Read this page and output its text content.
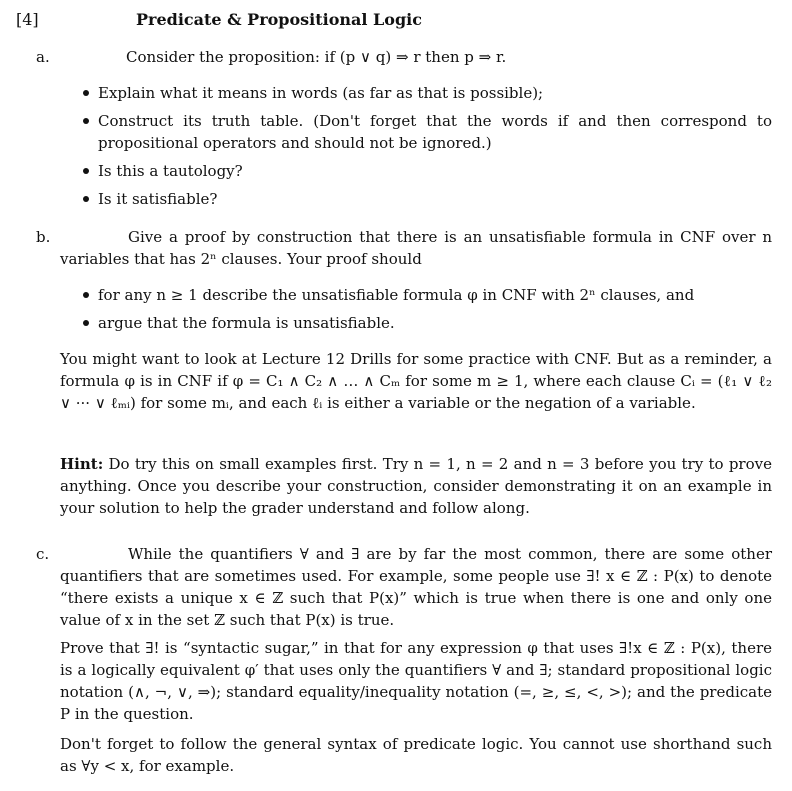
[4]	Predicate & Propositional Logic
a.	Consider the proposition: if (p ∨ q) ⇒ r then p ⇒ r.
Explain what it means in words (as far as that is possible);
Construct its truth table. (Don't forget that the words if and then correspond to propositional operators and should not be ignored.)
Is this a tautology?
Is it satisfiable?
b.	Give a proof by construction that there is an unsatisfiable formula in CNF over n variables that has 2ⁿ clauses. Your proof should
for any n ≥ 1 describe the unsatisfiable formula φ in CNF with 2ⁿ clauses, and
argue that the formula is unsatisfiable.
You might want to look at Lecture 12 Drills for some practice with CNF. But as a reminder, a formula φ is in CNF if φ = C₁ ∧ C₂ ∧ … ∧ Cₘ for some m ≥ 1, where each clause Cᵢ = (ℓ₁ ∨ ℓ₂ ∨ ··· ∨ ℓₘᵢ) for some mᵢ, and each ℓᵢ is either a variable or the negation of a variable.
Hint: Do try this on small examples first. Try n = 1, n = 2 and n = 3 before you try to prove anything. Once you describe your construction, consider demonstrating it on an example in your solution to help the grader understand and follow along.
c.	While the quantifiers ∀ and ∃ are by far the most common, there are some other quantifiers that are sometimes used. For example, some people use ∃! x ∈ ℤ : P(x) to denote “there exists a unique x ∈ ℤ such that P(x)” which is true when there is one and only one value of x in the set ℤ such that P(x) is true.
Prove that ∃! is “syntactic sugar,” in that for any expression φ that uses ∃!x ∈ ℤ : P(x), there is a logically equivalent φ′ that uses only the quantifiers ∀ and ∃; standard propositional logic notation (∧, ¬, ∨, ⇒); standard equality/inequality notation (=, ≥, ≤, <, >); and the predicate P in the question.
Don't forget to follow the general syntax of predicate logic. You cannot use shorthand such as ∀y < x, for example.
